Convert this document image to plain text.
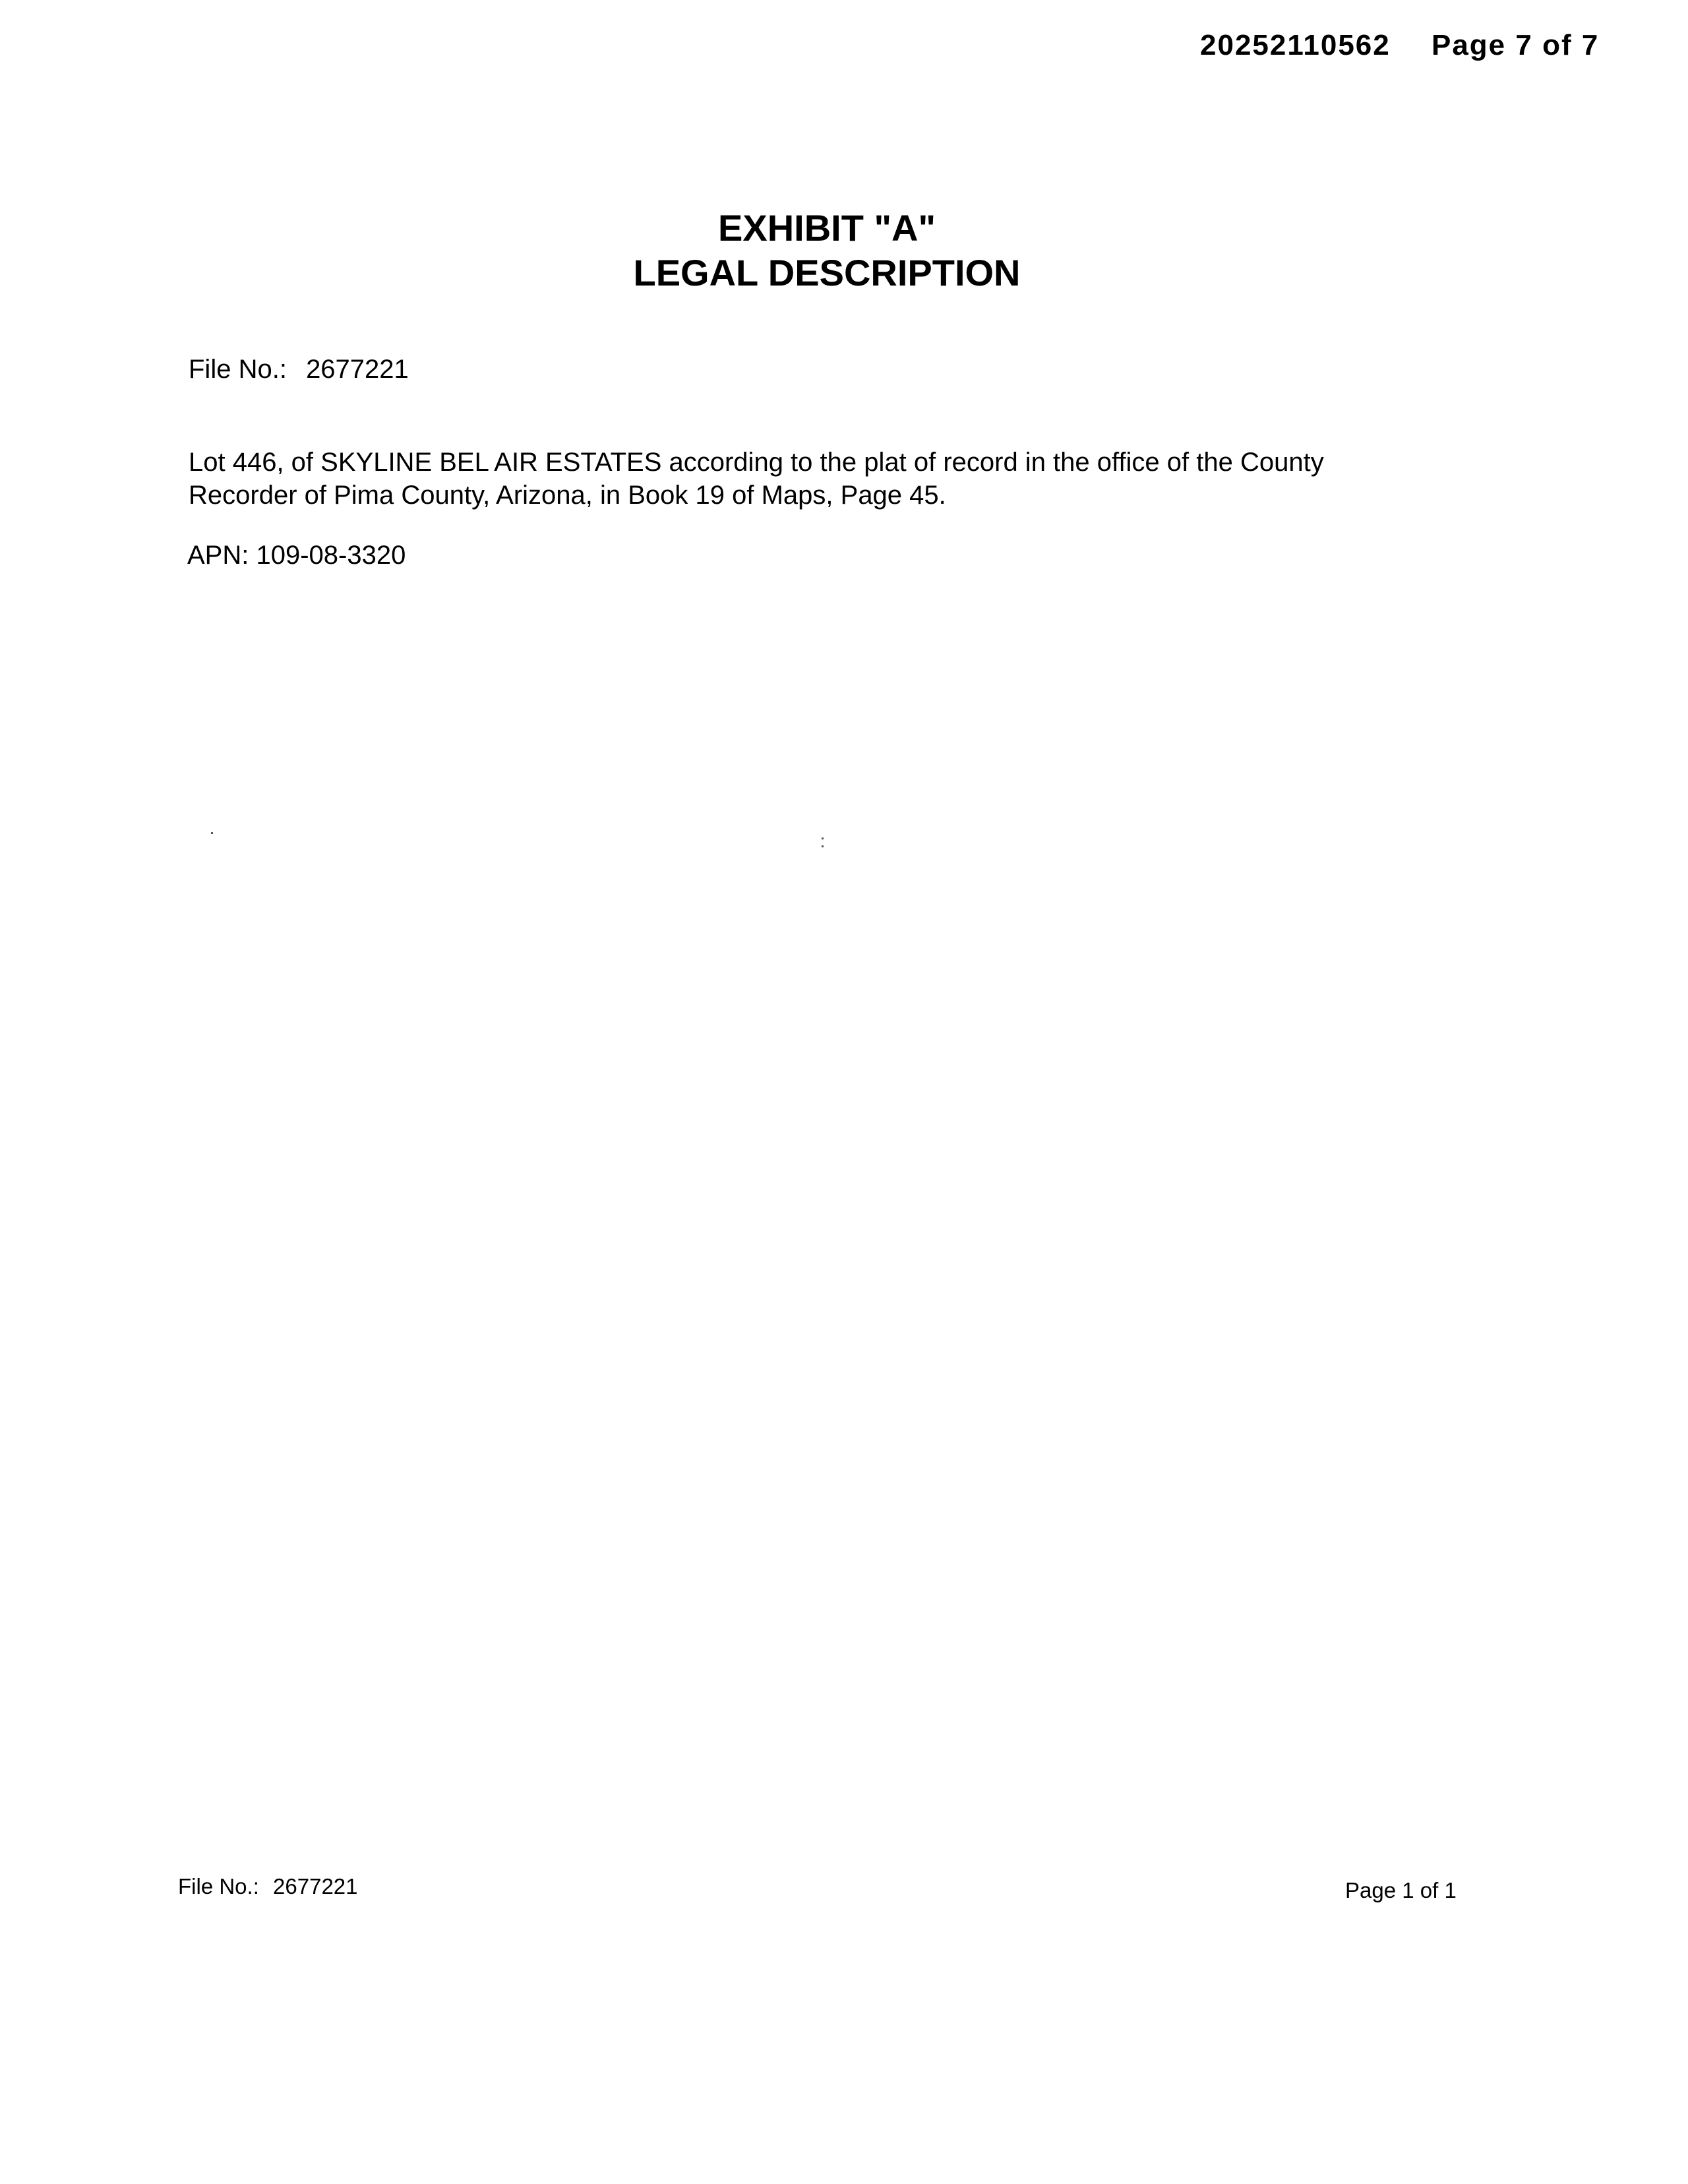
20252110562 Page 7 of 7
EXHIBIT "A"
LEGAL DESCRIPTION
File No.: 2677221
Lot 446, of SKYLINE BEL AIR ESTATES according to the plat of record in the office of the County
Recorder of Pima County, Arizona, in Book 19 of Maps, Page 45.
APN: 109-08-3320
File No.: 2677221	Page 1 of 1
